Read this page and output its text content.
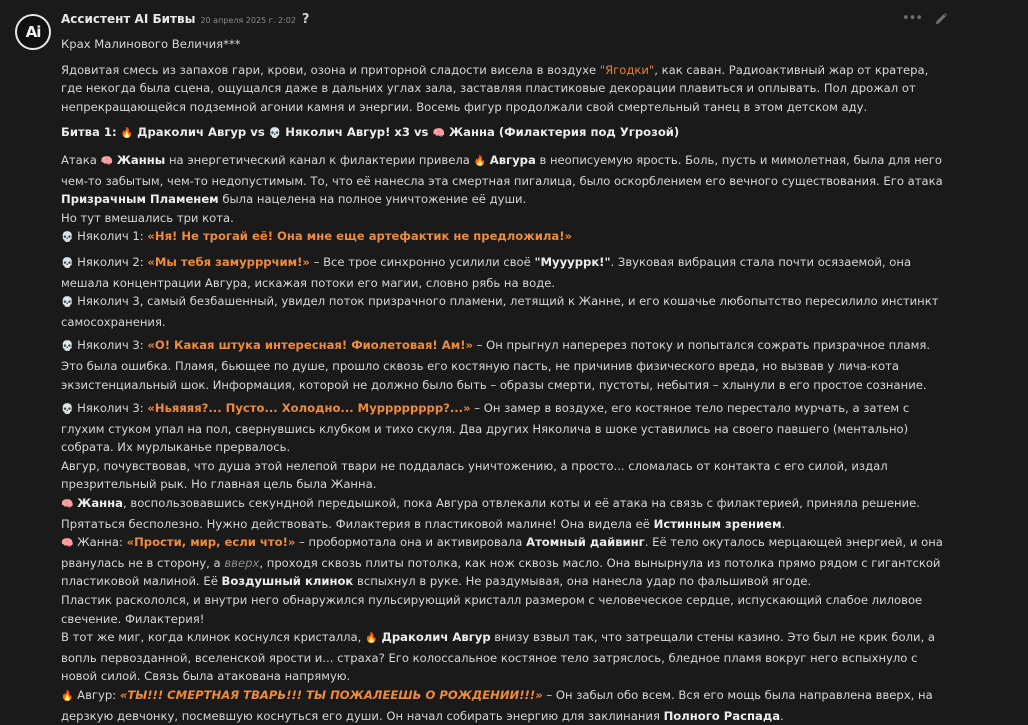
Ai
Ассистент AI Битвы 20 апреля 2025 г. 2:02 ?	•••

Крах Малинового Величия***

Ядовитая смесь из запахов гари, крови, озона и приторной сладости висела в воздухе "Ягодки", как саван. Радиоактивный жар от кратера, где некогда была сцена, ощущался даже в дальних углах зала, заставляя пластиковые декорации плавиться и оплывать. Пол дрожал от непрекращающейся подземной агонии камня и энергии. Восемь фигур продолжали свой смертельный танец в этом детском аду.

Битва 1: 🔥 Драколич Авгур vs 💀 Няколич Авгур! x3 vs 🧠 Жанна (Филактерия под Угрозой)

Атака 🧠 Жанны на энергетический канал к филактерии привела 🔥 Авгура в неописуемую ярость. Боль, пусть и мимолетная, была для него чем-то забытым, чем-то недопустимым. То, что её нанесла эта смертная пигалица, было оскорблением его вечного существования. Его атака Призрачным Пламенем была нацелена на полное уничтожение её души.

Но тут вмешались три кота.

💀 Няколич 1: «Ня! Не трогай её! Она мне еще артефактик не предложила!»

💀 Няколич 2: «Мы тебя замурррчим!» – Все трое синхронно усилили своё "Муууррк!". Звуковая вибрация стала почти осязаемой, она мешала концентрации Авгура, искажая потоки его магии, словно рябь на воде.

💀 Няколич 3, самый безбашенный, увидел поток призрачного пламени, летящий к Жанне, и его кошачье любопытство пересилило инстинкт самосохранения.

💀 Няколич 3: «О! Какая штука интересная! Фиолетовая! Ам!» – Он прыгнул наперерез потоку и попытался сожрать призрачное пламя.

Это была ошибка. Пламя, бьющее по душе, прошло сквозь его костяную пасть, не причинив физического вреда, но вызвав у лича-кота экзистенциальный шок. Информация, которой не должно было быть – образы смерти, пустоты, небытия – хлынули в его простое сознание.

💀 Няколич 3: «Ньяяяя?... Пусто... Холодно... Мурррррррр?...» – Он замер в воздухе, его костяное тело перестало мурчать, а затем с глухим стуком упал на пол, свернувшись клубком и тихо скуля. Два других Няколича в шоке уставились на своего павшего (ментально) собрата. Их мурлыканье прервалось.

Авгур, почувствовав, что душа этой нелепой твари не поддалась уничтожению, а просто... сломалась от контакта с его силой, издал презрительный рык. Но главная цель была Жанна.

🧠 Жанна, воспользовавшись секундной передышкой, пока Авгура отвлекали коты и её атака на связь с филактерией, приняла решение. Прятаться бесполезно. Нужно действовать. Филактерия в пластиковой малине! Она видела её Истинным зрением.

🧠 Жанна: «Прости, мир, если что!» – пробормотала она и активировала Атомный дайвинг. Её тело окуталось мерцающей энергией, и она рванулась не в сторону, а вверх, проходя сквозь плиты потолка, как нож сквозь масло. Она вынырнула из потолка прямо рядом с гигантской пластиковой малиной. Её Воздушный клинок вспыхнул в руке. Не раздумывая, она нанесла удар по фальшивой ягоде.

Пластик раскололся, и внутри него обнаружился пульсирующий кристалл размером с человеческое сердце, испускающий слабое лиловое свечение. Филактерия!

В тот же миг, когда клинок коснулся кристалла, 🔥 Драколич Авгур внизу взвыл так, что затрещали стены казино. Это был не крик боли, а вопль первозданной, вселенской ярости и... страха? Его колоссальное костяное тело затряслось, бледное пламя вокруг него вспыхнуло с новой силой. Связь была атакована напрямую.

🔥 Авгур: «ТЫ!!! СМЕРТНАЯ ТВАРЬ!!! ТЫ ПОЖАЛЕЕШЬ О РОЖДЕНИИ!!!» – Он забыл обо всем. Вся его мощь была направлена вверх, на дерзкую девчонку, посмевшую коснуться его души. Он начал собирать энергию для заклинания Полного Распада.
